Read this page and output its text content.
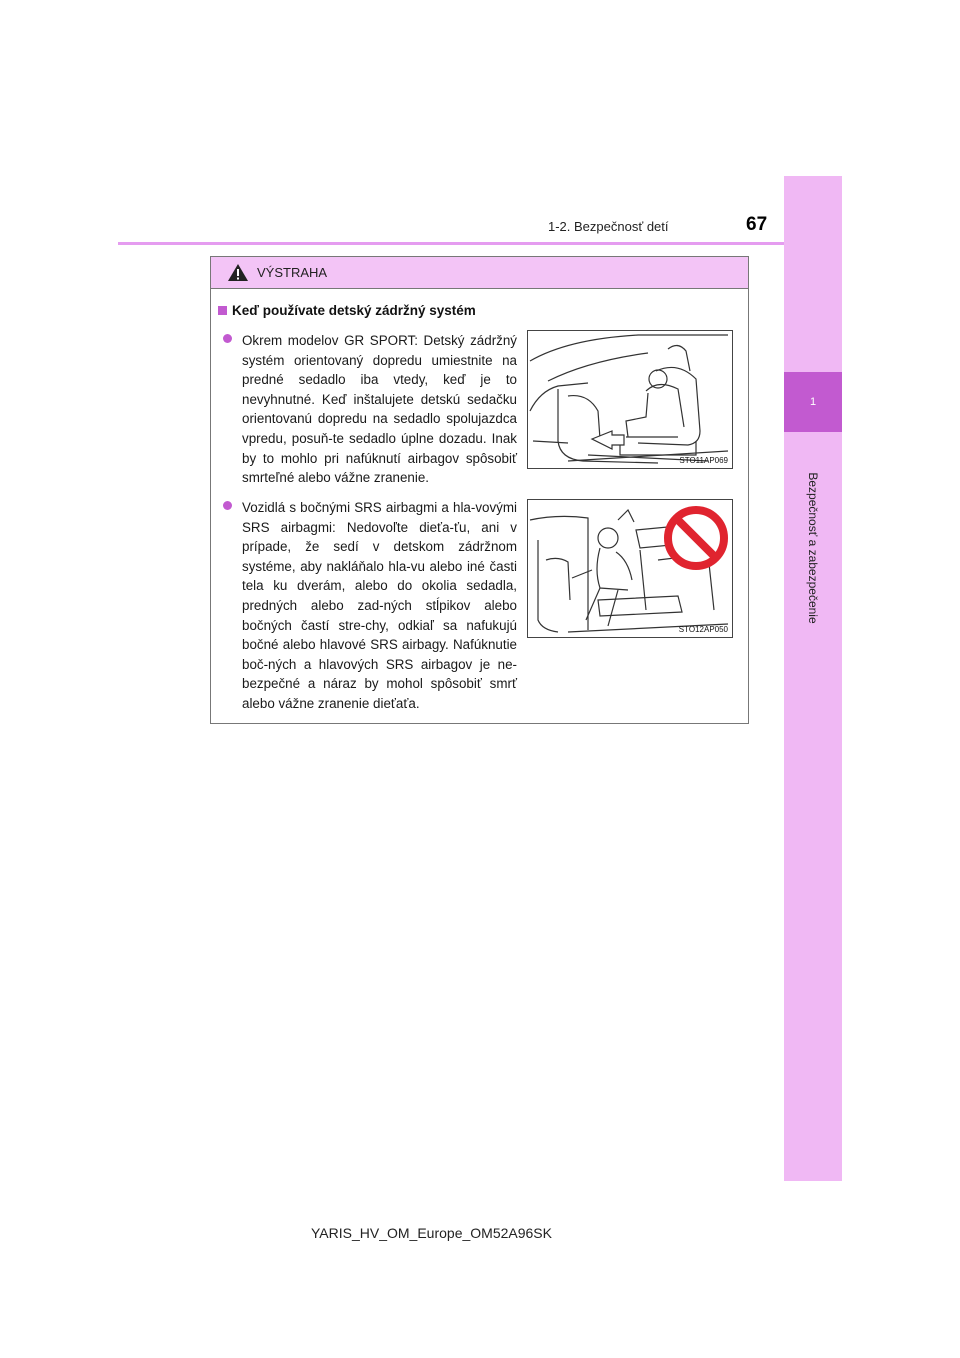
1
Bezpečnosť a zabezpečenie
1-2. Bezpečnosť detí	67
VÝSTRAHA
Keď používate detský zádržný systém
Okrem modelov GR SPORT: Detský zádržný systém orientovaný dopredu umiestnite na predné sedadlo iba vtedy, keď je to nevyhnutné. Keď inštalujete detskú sedačku orientovanú dopredu na sedadlo spolujazdca vpredu, posuň-te sedadlo úplne dozadu. Inak by to mohlo pri nafúknutí airbagov spôsobiť smrteľné alebo vážne zranenie.
STO11AP069
Vozidlá s bočnými SRS airbagmi a hla-vovými SRS airbagmi: Nedovoľte dieťa-ťu, ani v prípade, že sedí v detskom zádržnom systéme, aby nakláňalo hla-vu alebo iné časti tela ku dverám, alebo do okolia sedadla, predných alebo zad-ných stĺpikov alebo bočných častí stre-chy, odkiaľ sa nafukujú bočné alebo hlavové SRS airbagy. Nafúknutie boč-ných a hlavových SRS airbagov je ne-bezpečné a náraz by mohol spôsobiť smrť alebo vážne zranenie dieťaťa.
STO12AP050
YARIS_HV_OM_Europe_OM52A96SK
